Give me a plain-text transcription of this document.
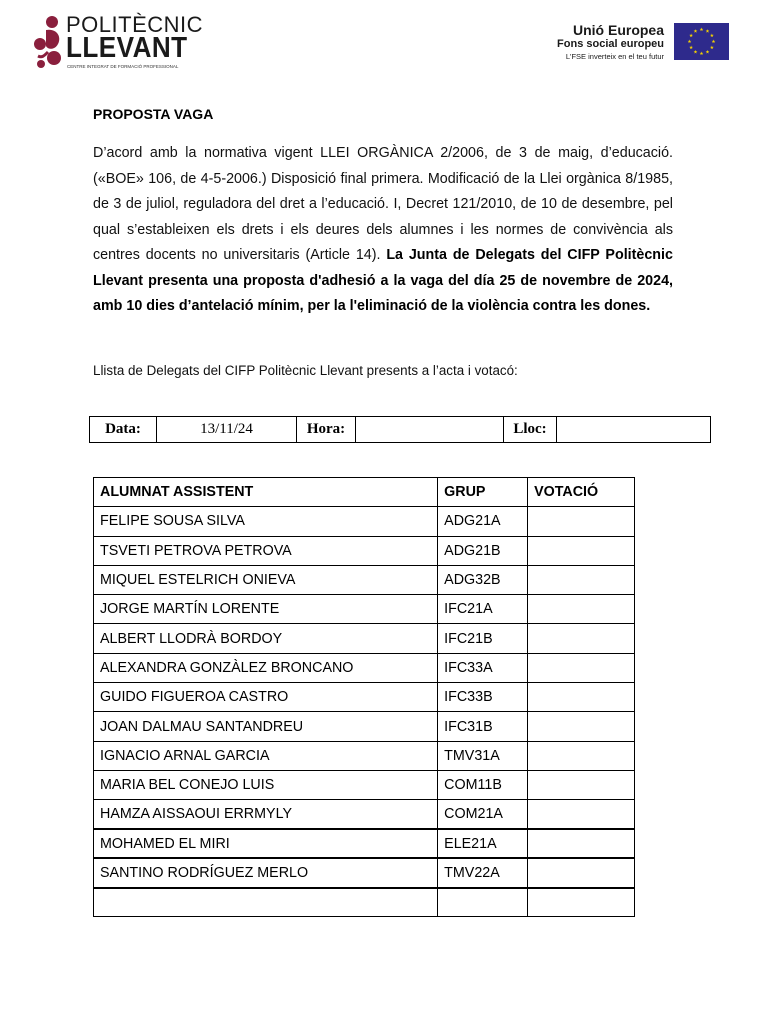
POLITÈCNIC
LLEVANT
CENTRE INTEGRAT DE FORMACIÓ PROFESSIONAL
Unió Europea
Fons social europeu
L'FSE inverteix en el teu futur
PROPOSTA VAGA
D’acord amb la normativa vigent LLEI ORGÀNICA 2/2006, de 3 de maig, d’educació. («BOE» 106, de 4-5-2006.) Disposició final primera. Modificació de la Llei orgànica 8/1985, de 3 de juliol, reguladora del dret a l’educació. I, Decret 121/2010, de 10 de desembre, pel qual s’estableixen els drets i els deures dels alumnes i les normes de convivència als centres docents no universitaris (Article 14). La Junta de Delegats del CIFP Politècnic Llevant presenta una proposta d'adhesió a la vaga del día 25 de novembre de 2024, amb 10 dies d’antelació mínim, per la l'eliminació de la violència contra les dones.
Llista de Delegats del CIFP Politècnic Llevant presents a l’acta i votacó:
Data:	13/11/24	Hora:		Lloc:	
ALUMNAT ASSISTENT	GRUP	VOTACIÓ
FELIPE SOUSA SILVA	ADG21A	
TSVETI PETROVA PETROVA	ADG21B	
MIQUEL ESTELRICH ONIEVA	ADG32B	
JORGE MARTÍN LORENTE	IFC21A	
ALBERT LLODRÀ BORDOY	IFC21B	
ALEXANDRA GONZÀLEZ BRONCANO	IFC33A	
GUIDO FIGUEROA CASTRO	IFC33B	
JOAN DALMAU SANTANDREU	IFC31B	
IGNACIO ARNAL GARCIA	TMV31A	
MARIA BEL CONEJO LUIS	COM11B	
HAMZA AISSAOUI ERRMYLY	COM21A	
MOHAMED EL MIRI	ELE21A	
SANTINO RODRÍGUEZ MERLO	TMV22A	
